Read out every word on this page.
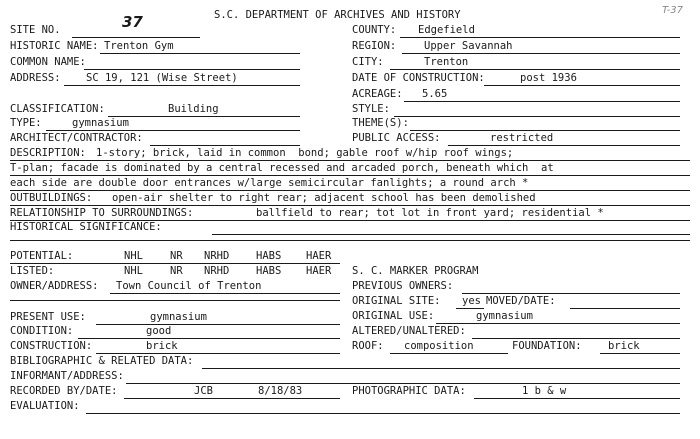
S.C. DEPARTMENT OF ARCHIVES AND HISTORY	T-37
SITE NO.	37	COUNTY: Edgefield
HISTORIC NAME: Trenton Gym	REGION:	Upper Savannah
COMMON NAME:	CITY:	Trenton
ADDRESS: SC 19, 121 (Wise Street)	DATE OF CONSTRUCTION:	post 1936
ACREAGE: 5.65
CLASSIFICATION:	Building	STYLE:
TYPE:	gymnasium	THEME(S):
ARCHITECT/CONTRACTOR:	PUBLIC ACCESS:	restricted
DESCRIPTION: 1-story; brick, laid in common  bond; gable roof w/hip roof wings;
T-plan; facade is dominated by a central recessed and arcaded porch, beneath which  at
each side are double door entrances w/large semicircular fanlights; a round arch *
OUTBUILDINGS: open-air shelter to right rear; adjacent school has been demolished
RELATIONSHIP TO SURROUNDINGS:	ballfield to rear; tot lot in front yard; residential *
HISTORICAL SIGNIFICANCE:
POTENTIAL:	NHL	NR NRHD	HABS HAER
LISTED:	NHL	NR NRHD	HABS HAER S. C. MARKER PROGRAM
OWNER/ADDRESS: Town Council of Trenton	PREVIOUS OWNERS:
ORIGINAL SITE: yes MOVED/DATE:
PRESENT USE:	gymnasium	ORIGINAL USE:	gymnasium
CONDITION:	good	ALTERED/UNALTERED:
CONSTRUCTION:	brick	ROOF: composition	FOUNDATION:	brick
BIBLIOGRAPHIC & RELATED DATA:
INFORMANT/ADDRESS:
RECORDED BY/DATE:	JCB	8/18/83	PHOTOGRAPHIC DATA:	1 b & w
EVALUATION:
